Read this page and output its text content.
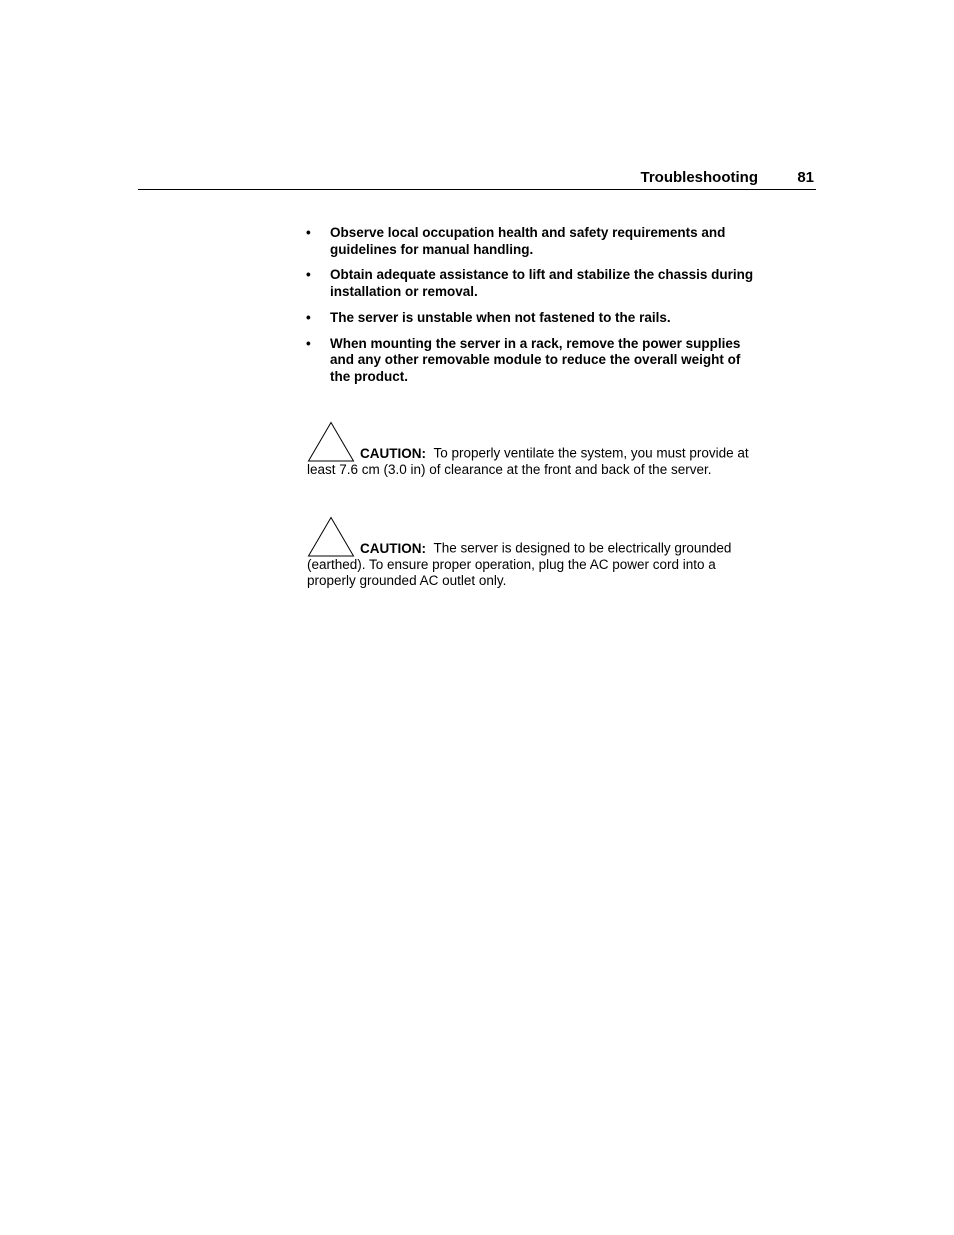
Troubleshooting	81
• Observe local occupation health and safety requirements and guidelines for manual handling.
• Obtain adequate assistance to lift and stabilize the chassis during installation or removal.
• The server is unstable when not fastened to the rails.
• When mounting the server in a rack, remove the power supplies and any other removable module to reduce the overall weight of the product.
CAUTION: To properly ventilate the system, you must provide at least 7.6 cm (3.0 in) of clearance at the front and back of the server.
CAUTION: The server is designed to be electrically grounded (earthed). To ensure proper operation, plug the AC power cord into a properly grounded AC outlet only.
